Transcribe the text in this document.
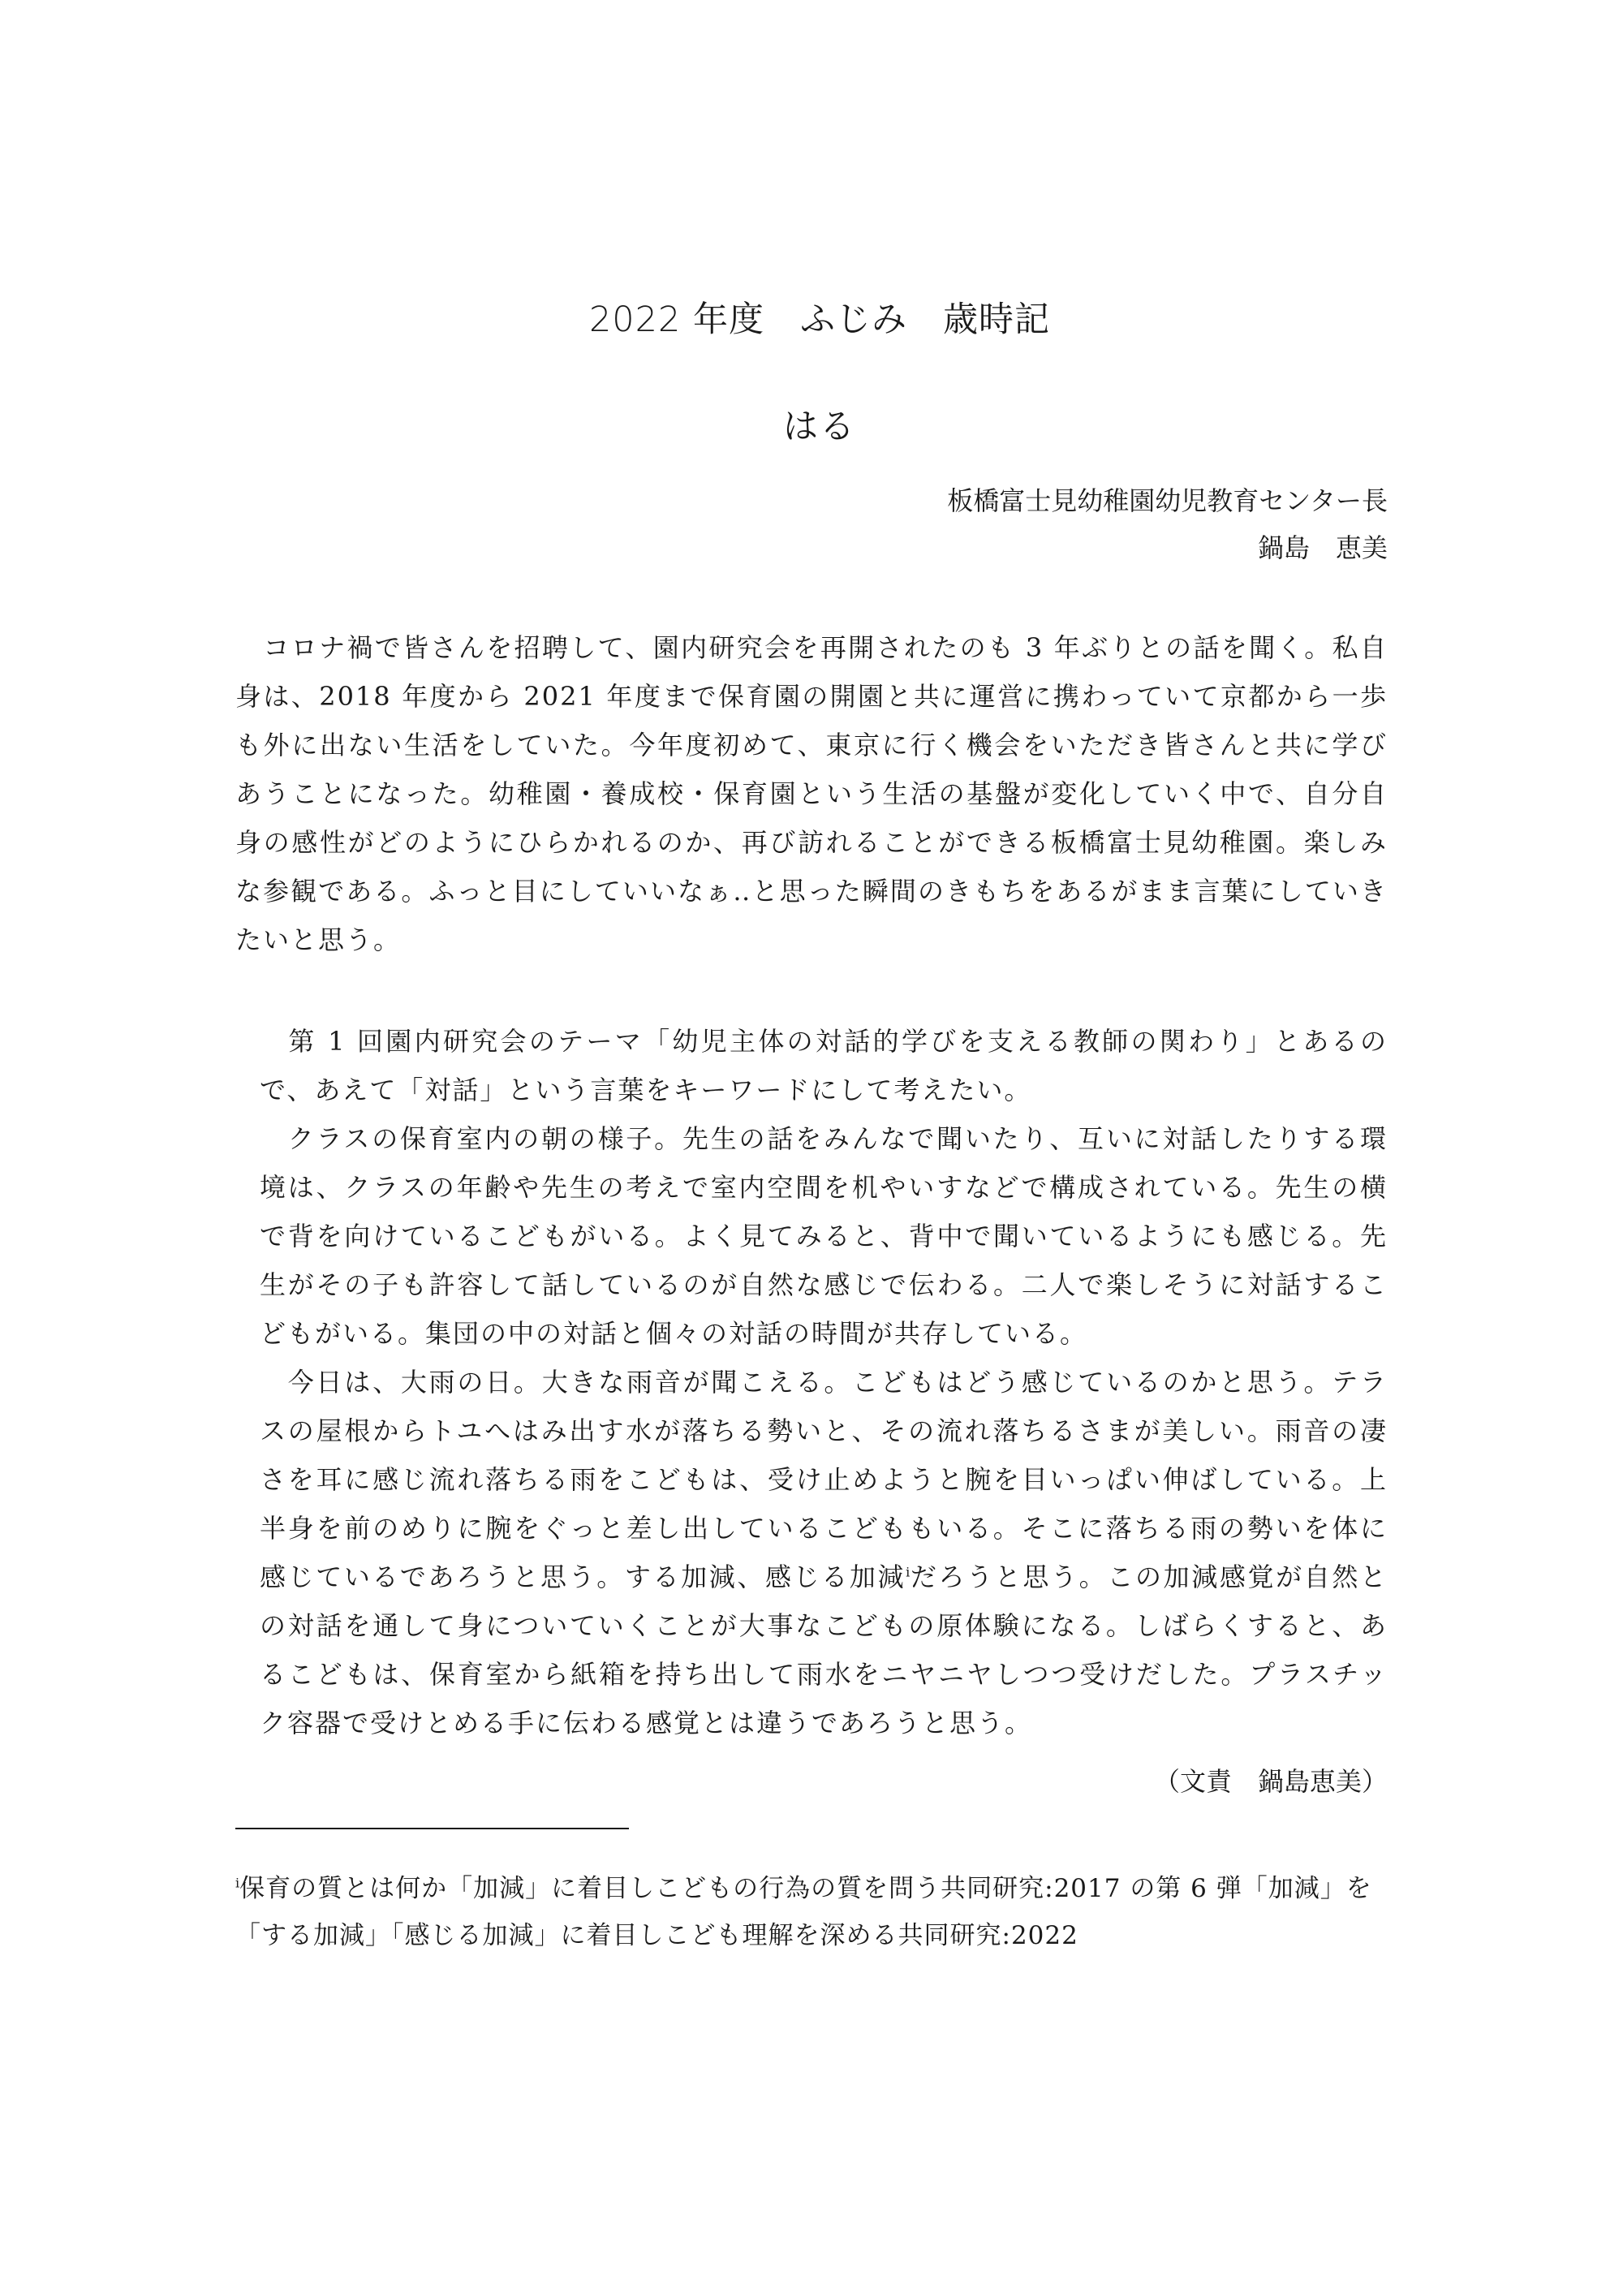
2022 年度　ふじみ　歳時記
はる
板橋富士見幼稚園幼児教育センター長
鍋島　恵美

　コロナ禍で皆さんを招聘して、園内研究会を再開されたのも 3 年ぶりとの話を聞く。私自身は、2018 年度から 2021 年度まで保育園の開園と共に運営に携わっていて京都から一歩も外に出ない生活をしていた。今年度初めて、東京に行く機会をいただき皆さんと共に学びあうことになった。幼稚園・養成校・保育園という生活の基盤が変化していく中で、自分自身の感性がどのようにひらかれるのか、再び訪れることができる板橋富士見幼稚園。楽しみな参観である。ふっと目にしていいなぁ‥と思った瞬間のきもちをあるがまま言葉にしていきたいと思う。

　第 1 回園内研究会のテーマ「幼児主体の対話的学びを支える教師の関わり」とあるので、あえて「対話」という言葉をキーワードにして考えたい。

　クラスの保育室内の朝の様子。先生の話をみんなで聞いたり、互いに対話したりする環境は、クラスの年齢や先生の考えで室内空間を机やいすなどで構成されている。先生の横で背を向けているこどもがいる。よく見てみると、背中で聞いているようにも感じる。先生がその子も許容して話しているのが自然な感じで伝わる。二人で楽しそうに対話するこどもがいる。集団の中の対話と個々の対話の時間が共存している。

　今日は、大雨の日。大きな雨音が聞こえる。こどもはどう感じているのかと思う。テラスの屋根からトユへはみ出す水が落ちる勢いと、その流れ落ちるさまが美しい。雨音の凄さを耳に感じ流れ落ちる雨をこどもは、受け止めようと腕を目いっぱい伸ばしている。上半身を前のめりに腕をぐっと差し出しているこどももいる。そこに落ちる雨の勢いを体に感じているであろうと思う。する加減、感じる加減$^i$だろうと思う。この加減感覚が自然との対話を通して身についていくことが大事なこどもの原体験になる。しばらくすると、あるこどもは、保育室から紙箱を持ち出して雨水をニヤニヤしつつ受けだした。プラスチック容器で受けとめる手に伝わる感覚とは違うであろうと思う。

（文責　鍋島恵美）
$^i$保育の質とは何か「加減」に着目しこどもの行為の質を問う共同研究:2017 の第 6 弾「加減」を「する加減」「感じる加減」に着目しこども理解を深める共同研究:2022
